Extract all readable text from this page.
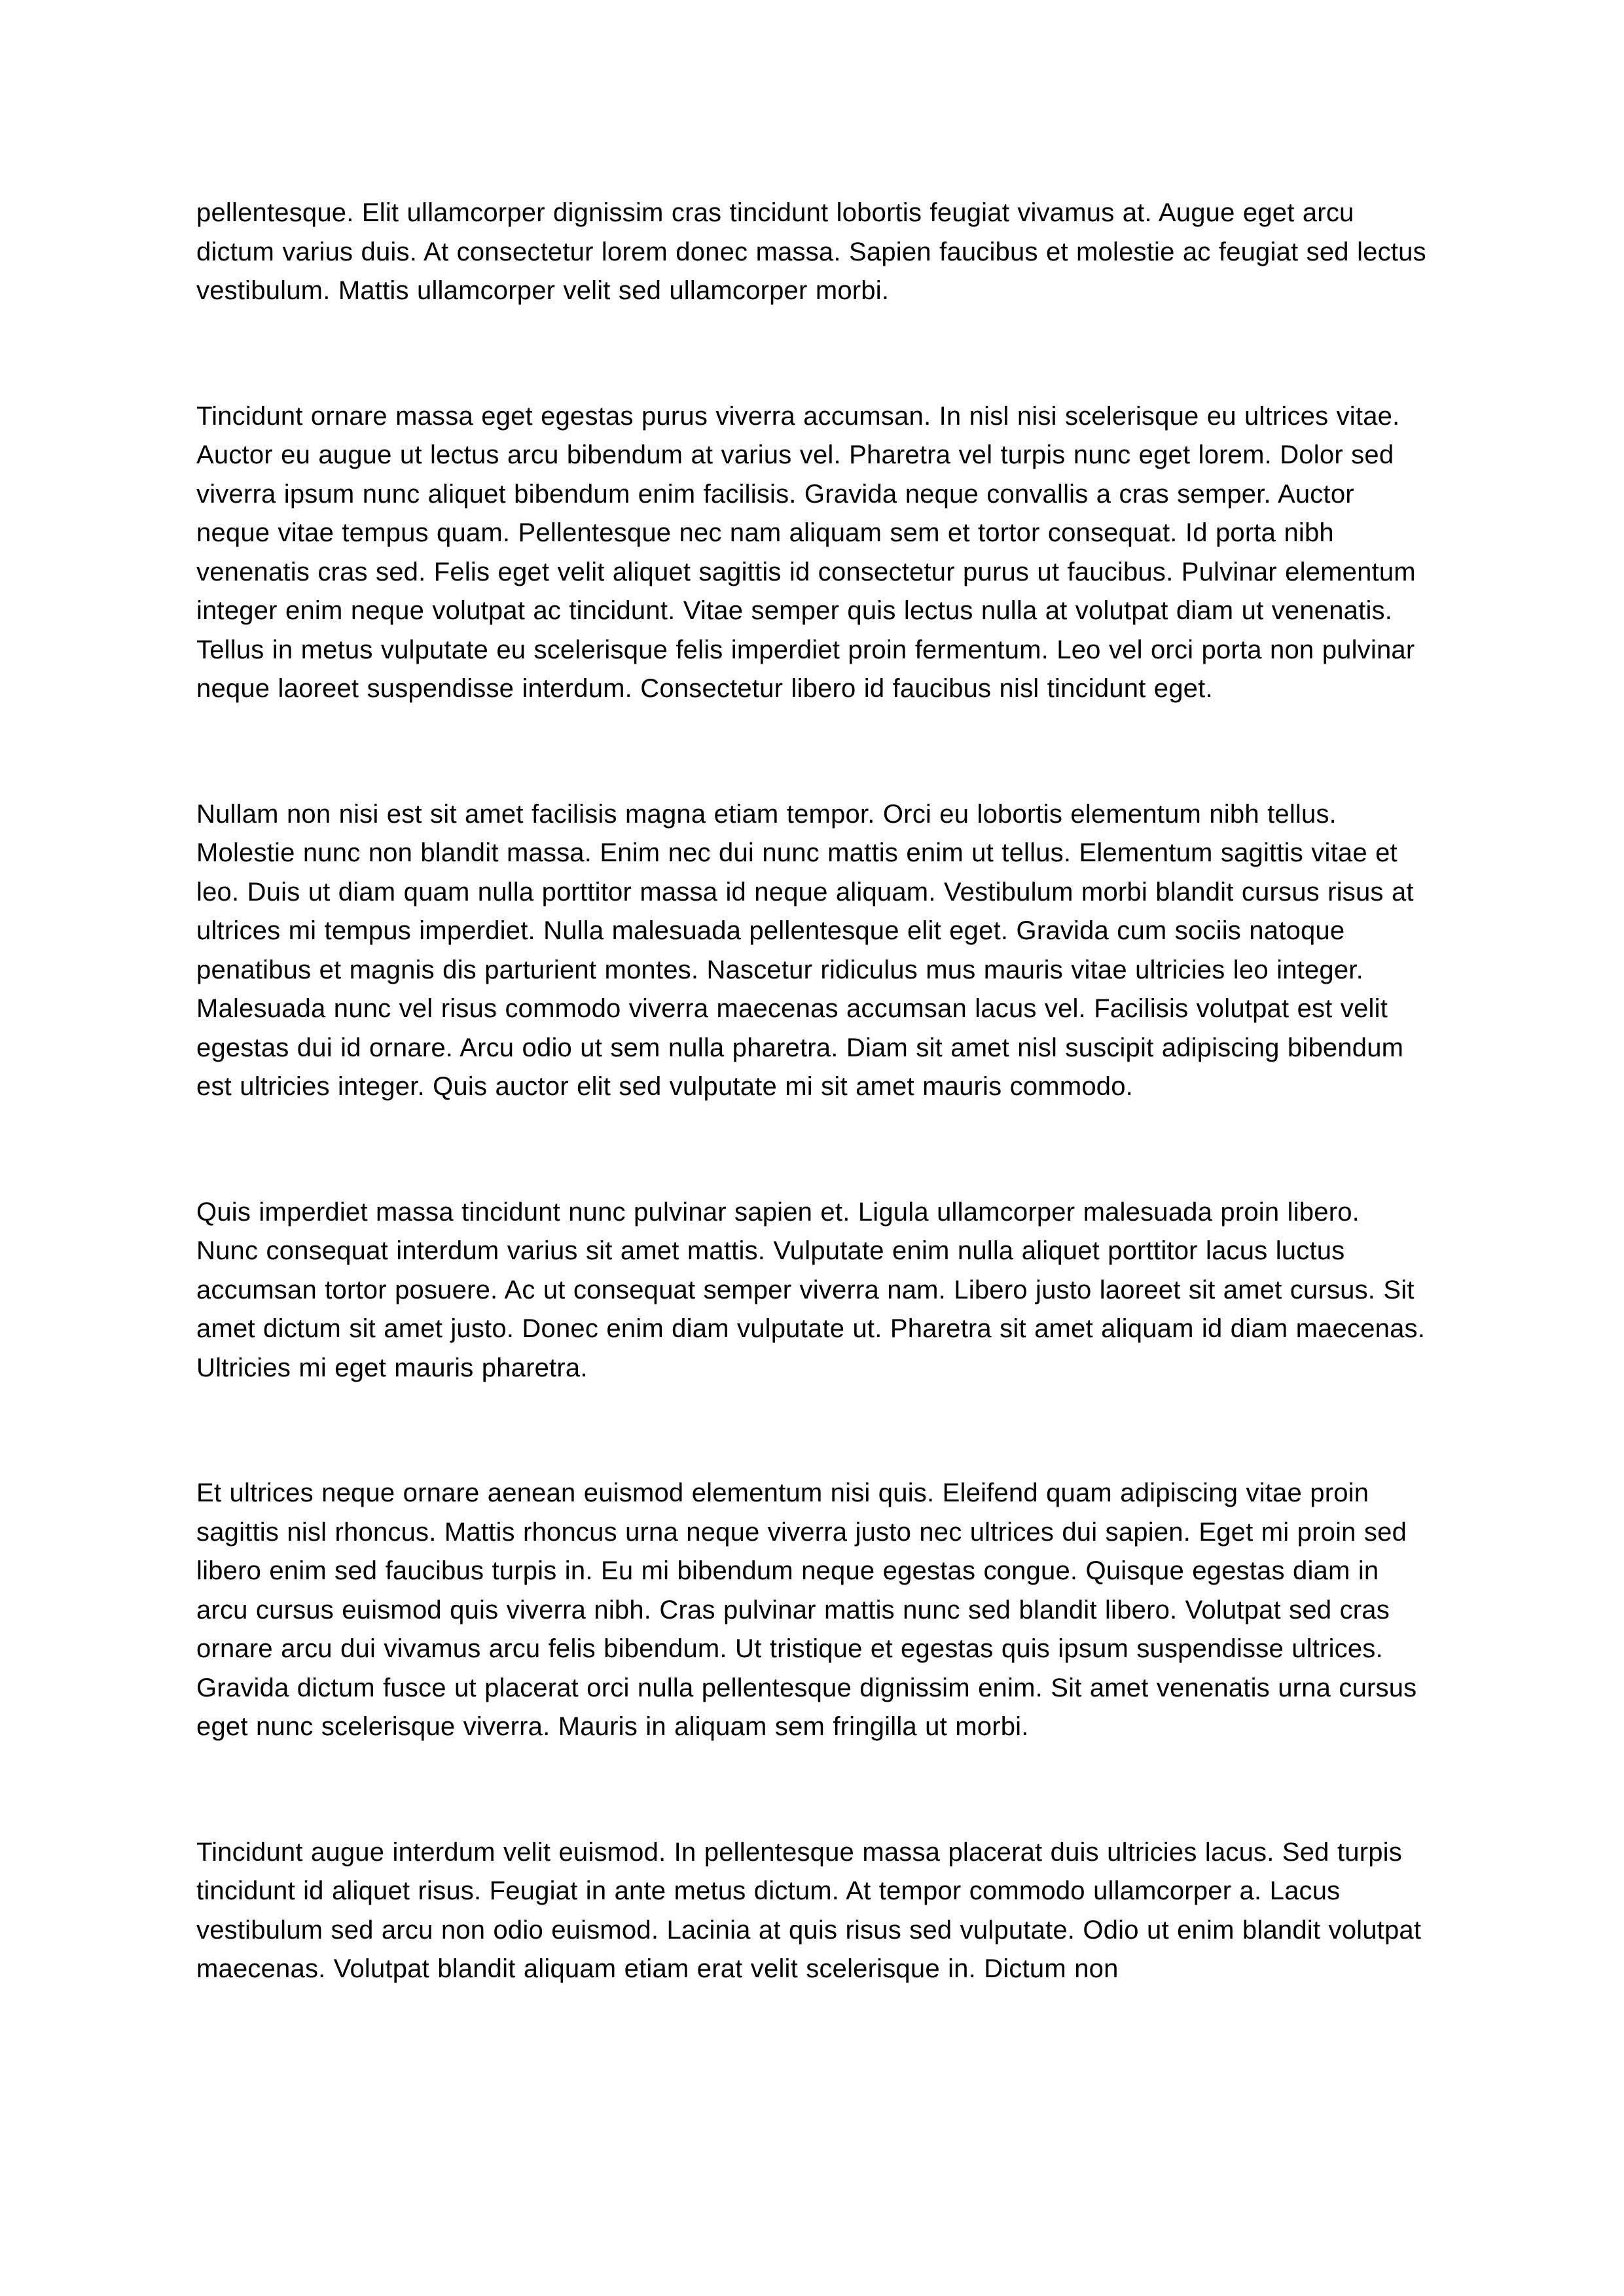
pellentesque. Elit ullamcorper dignissim cras tincidunt lobortis feugiat vivamus at. Augue eget arcu dictum varius duis. At consectetur lorem donec massa. Sapien faucibus et molestie ac feugiat sed lectus vestibulum. Mattis ullamcorper velit sed ullamcorper morbi.
Tincidunt ornare massa eget egestas purus viverra accumsan. In nisl nisi scelerisque eu ultrices vitae. Auctor eu augue ut lectus arcu bibendum at varius vel. Pharetra vel turpis nunc eget lorem. Dolor sed viverra ipsum nunc aliquet bibendum enim facilisis. Gravida neque convallis a cras semper. Auctor neque vitae tempus quam. Pellentesque nec nam aliquam sem et tortor consequat. Id porta nibh venenatis cras sed. Felis eget velit aliquet sagittis id consectetur purus ut faucibus. Pulvinar elementum integer enim neque volutpat ac tincidunt. Vitae semper quis lectus nulla at volutpat diam ut venenatis. Tellus in metus vulputate eu scelerisque felis imperdiet proin fermentum. Leo vel orci porta non pulvinar neque laoreet suspendisse interdum. Consectetur libero id faucibus nisl tincidunt eget.
Nullam non nisi est sit amet facilisis magna etiam tempor. Orci eu lobortis elementum nibh tellus. Molestie nunc non blandit massa. Enim nec dui nunc mattis enim ut tellus. Elementum sagittis vitae et leo. Duis ut diam quam nulla porttitor massa id neque aliquam. Vestibulum morbi blandit cursus risus at ultrices mi tempus imperdiet. Nulla malesuada pellentesque elit eget. Gravida cum sociis natoque penatibus et magnis dis parturient montes. Nascetur ridiculus mus mauris vitae ultricies leo integer. Malesuada nunc vel risus commodo viverra maecenas accumsan lacus vel. Facilisis volutpat est velit egestas dui id ornare. Arcu odio ut sem nulla pharetra. Diam sit amet nisl suscipit adipiscing bibendum est ultricies integer. Quis auctor elit sed vulputate mi sit amet mauris commodo.
Quis imperdiet massa tincidunt nunc pulvinar sapien et. Ligula ullamcorper malesuada proin libero. Nunc consequat interdum varius sit amet mattis. Vulputate enim nulla aliquet porttitor lacus luctus accumsan tortor posuere. Ac ut consequat semper viverra nam. Libero justo laoreet sit amet cursus. Sit amet dictum sit amet justo. Donec enim diam vulputate ut. Pharetra sit amet aliquam id diam maecenas. Ultricies mi eget mauris pharetra.
Et ultrices neque ornare aenean euismod elementum nisi quis. Eleifend quam adipiscing vitae proin sagittis nisl rhoncus. Mattis rhoncus urna neque viverra justo nec ultrices dui sapien. Eget mi proin sed libero enim sed faucibus turpis in. Eu mi bibendum neque egestas congue. Quisque egestas diam in arcu cursus euismod quis viverra nibh. Cras pulvinar mattis nunc sed blandit libero. Volutpat sed cras ornare arcu dui vivamus arcu felis bibendum. Ut tristique et egestas quis ipsum suspendisse ultrices. Gravida dictum fusce ut placerat orci nulla pellentesque dignissim enim. Sit amet venenatis urna cursus eget nunc scelerisque viverra. Mauris in aliquam sem fringilla ut morbi.
Tincidunt augue interdum velit euismod. In pellentesque massa placerat duis ultricies lacus. Sed turpis tincidunt id aliquet risus. Feugiat in ante metus dictum. At tempor commodo ullamcorper a. Lacus vestibulum sed arcu non odio euismod. Lacinia at quis risus sed vulputate. Odio ut enim blandit volutpat maecenas. Volutpat blandit aliquam etiam erat velit scelerisque in. Dictum non
